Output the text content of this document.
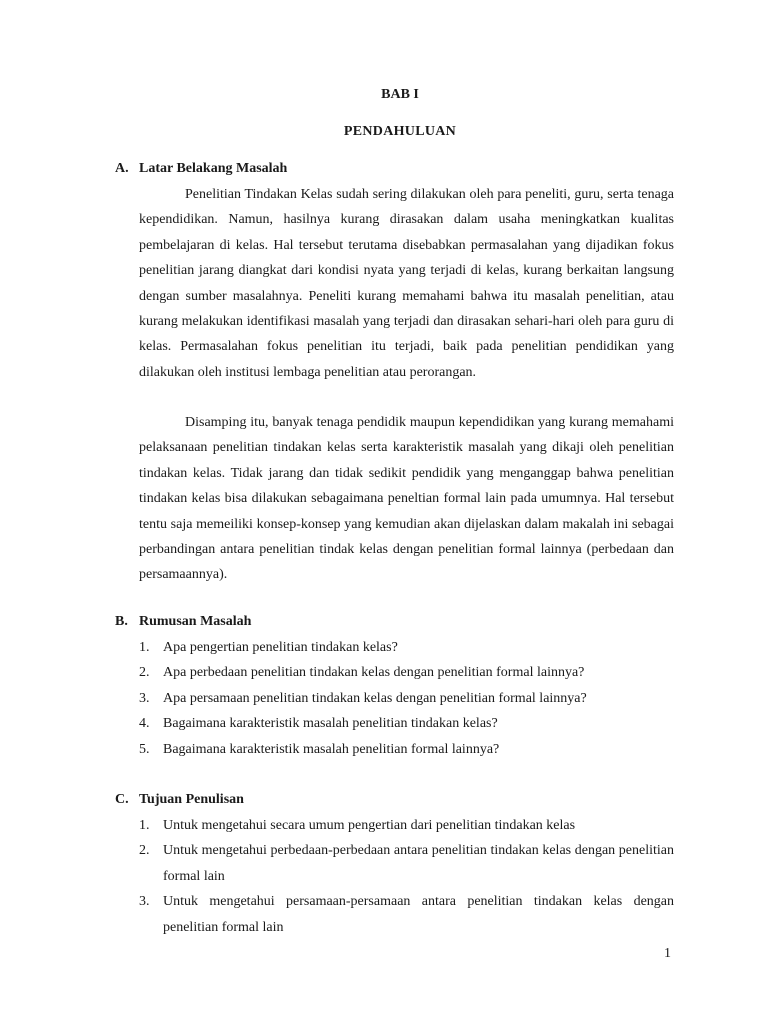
BAB I
PENDAHULUAN
A. Latar Belakang Masalah

Penelitian Tindakan Kelas sudah sering dilakukan oleh para peneliti, guru, serta tenaga kependidikan. Namun, hasilnya kurang dirasakan dalam usaha meningkatkan kualitas pembelajaran di kelas. Hal tersebut terutama disebabkan permasalahan yang dijadikan fokus penelitian jarang diangkat dari kondisi nyata yang terjadi di kelas, kurang berkaitan langsung dengan sumber masalahnya. Peneliti kurang memahami bahwa itu masalah penelitian, atau kurang melakukan identifikasi masalah yang terjadi dan dirasakan sehari-hari oleh para guru di kelas. Permasalahan fokus penelitian itu terjadi, baik pada penelitian pendidikan yang dilakukan oleh institusi lembaga penelitian atau perorangan.

Disamping itu, banyak tenaga pendidik maupun kependidikan yang kurang memahami pelaksanaan penelitian tindakan kelas serta karakteristik masalah yang dikaji oleh penelitian tindakan kelas. Tidak jarang dan tidak sedikit pendidik yang menganggap bahwa penelitian tindakan kelas bisa dilakukan sebagaimana peneltian formal lain pada umumnya. Hal tersebut tentu saja memeiliki konsep-konsep yang kemudian akan dijelaskan dalam makalah ini sebagai perbandingan antara penelitian tindak kelas dengan penelitian formal lainnya (perbedaan dan persamaannya).

B. Rumusan Masalah
1. Apa pengertian penelitian tindakan kelas?
2. Apa perbedaan penelitian tindakan kelas dengan penelitian formal lainnya?
3. Apa persamaan penelitian tindakan kelas dengan penelitian formal lainnya?
4. Bagaimana karakteristik masalah penelitian tindakan kelas?
5. Bagaimana karakteristik masalah penelitian formal lainnya?
C. Tujuan Penulisan
1. Untuk mengetahui secara umum pengertian dari penelitian tindakan kelas
2. Untuk mengetahui perbedaan-perbedaan antara penelitian tindakan kelas dengan penelitian formal lain
3. Untuk mengetahui persamaan-persamaan antara penelitian tindakan kelas dengan penelitian formal lain
1
